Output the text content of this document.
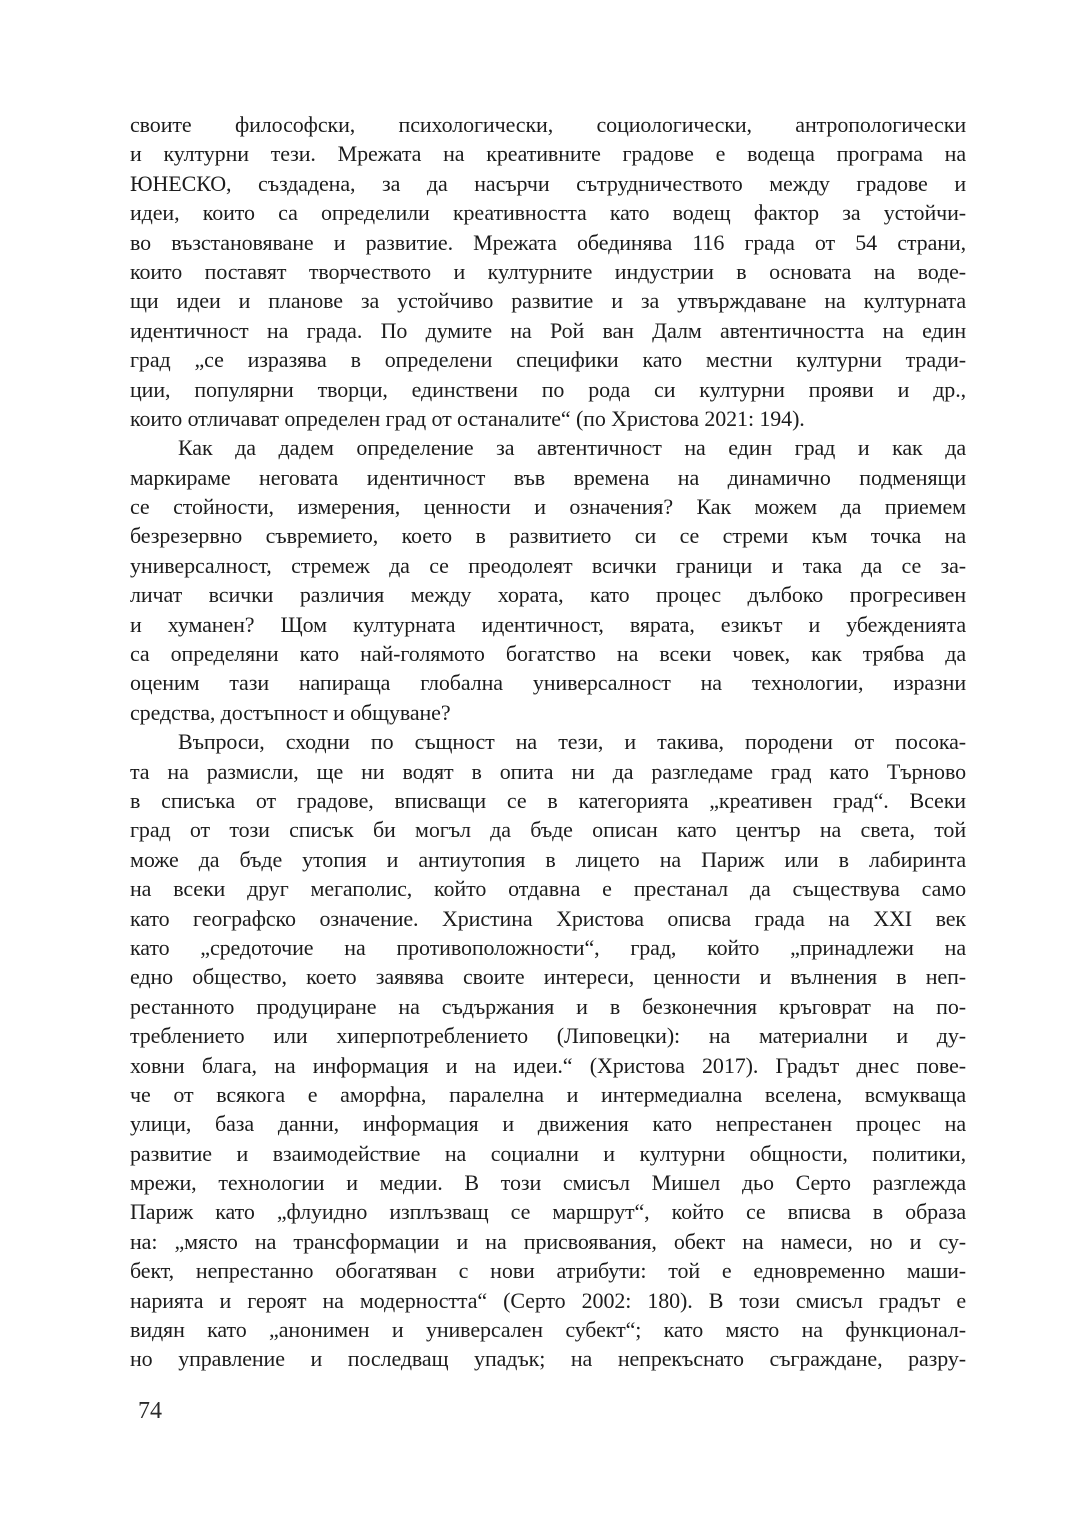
своите философски, психологически, социологически, антропологически
и културни тези. Мрежата на креативните градове е водеща програма на
ЮНЕСКО, създадена, за да насърчи сътрудничеството между градове и
идеи, които са определили креативността като водещ фактор за устойчи-
во възстановяване и развитие. Мрежата обединява 116 града от 54 страни,
които поставят творчеството и културните индустрии в основата на воде-
щи идеи и планове за устойчиво развитие и за утвърждаване на културната
идентичност на града. По думите на Рой ван Далм автентичността на един
град „се изразява в определени специфики като местни културни тради-
ции, популярни творци, единствени по рода си културни прояви и др.,
които отличават определен град от останалите“ (по Христова 2021: 194).
Как да дадем определение за автентичност на един град и как да
маркираме неговата идентичност във времена на динамично подменящи
се стойности, измерения, ценности и означения? Как можем да приемем
безрезервно съвремието, което в развитието си се стреми към точка на
универсалност, стремеж да се преодолеят всички граници и така да се за-
личат всички различия между хората, като процес дълбоко прогресивен
и хуманен? Щом културната идентичност, вярата, езикът и убежденията
са определяни като най-голямото богатство на всеки човек, как трябва да
оценим тази напираща глобална универсалност на технологии, изразни
средства, достъпност и общуване?
Въпроси, сходни по същност на тези, и такива, породени от посока-
та на размисли, ще ни водят в опита ни да разгледаме град като Търново
в списъка от градове, вписващи се в категорията „креативен град“. Всеки
град от този списък би могъл да бъде описан като център на света, той
може да бъде утопия и антиутопия в лицето на Париж или в лабиринта
на всеки друг мегаполис, който отдавна е престанал да съществува само
като географско означение. Христина Христова описва града на XXI век
като „средоточие на противоположности“, град, който „принадлежи на
едно общество, което заявява своите интереси, ценности и вълнения в неп-
рестанното продуциране на съдържания и в безконечния кръговрат на по-
треблението или хиперпотреблението (Липовецки): на материални и ду-
ховни блага, на информация и на идеи.“ (Христова 2017). Градът днес пове-
че от всякога е аморфна, паралелна и интермедиална вселена, всмукваща
улици, база данни, информация и движения като непрестанен процес на
развитие и взаимодействие на социални и културни общности, политики,
мрежи, технологии и медии. В този смисъл Мишел дьо Серто разглежда
Париж като „флуидно изплъзващ се маршрут“, който се вписва в образа
на: „място на трансформации и на присвоявания, обект на намеси, но и су-
бект, непрестанно обогатяван с нови атрибути: той е едновременно маши-
нарията и героят на модерността“ (Серто 2002: 180). В този смисъл градът е
видян като „анонимен и универсален субект“; като място на функционал-
но управление и последващ упадък; на непрекъснато съграждане, разру-
74
